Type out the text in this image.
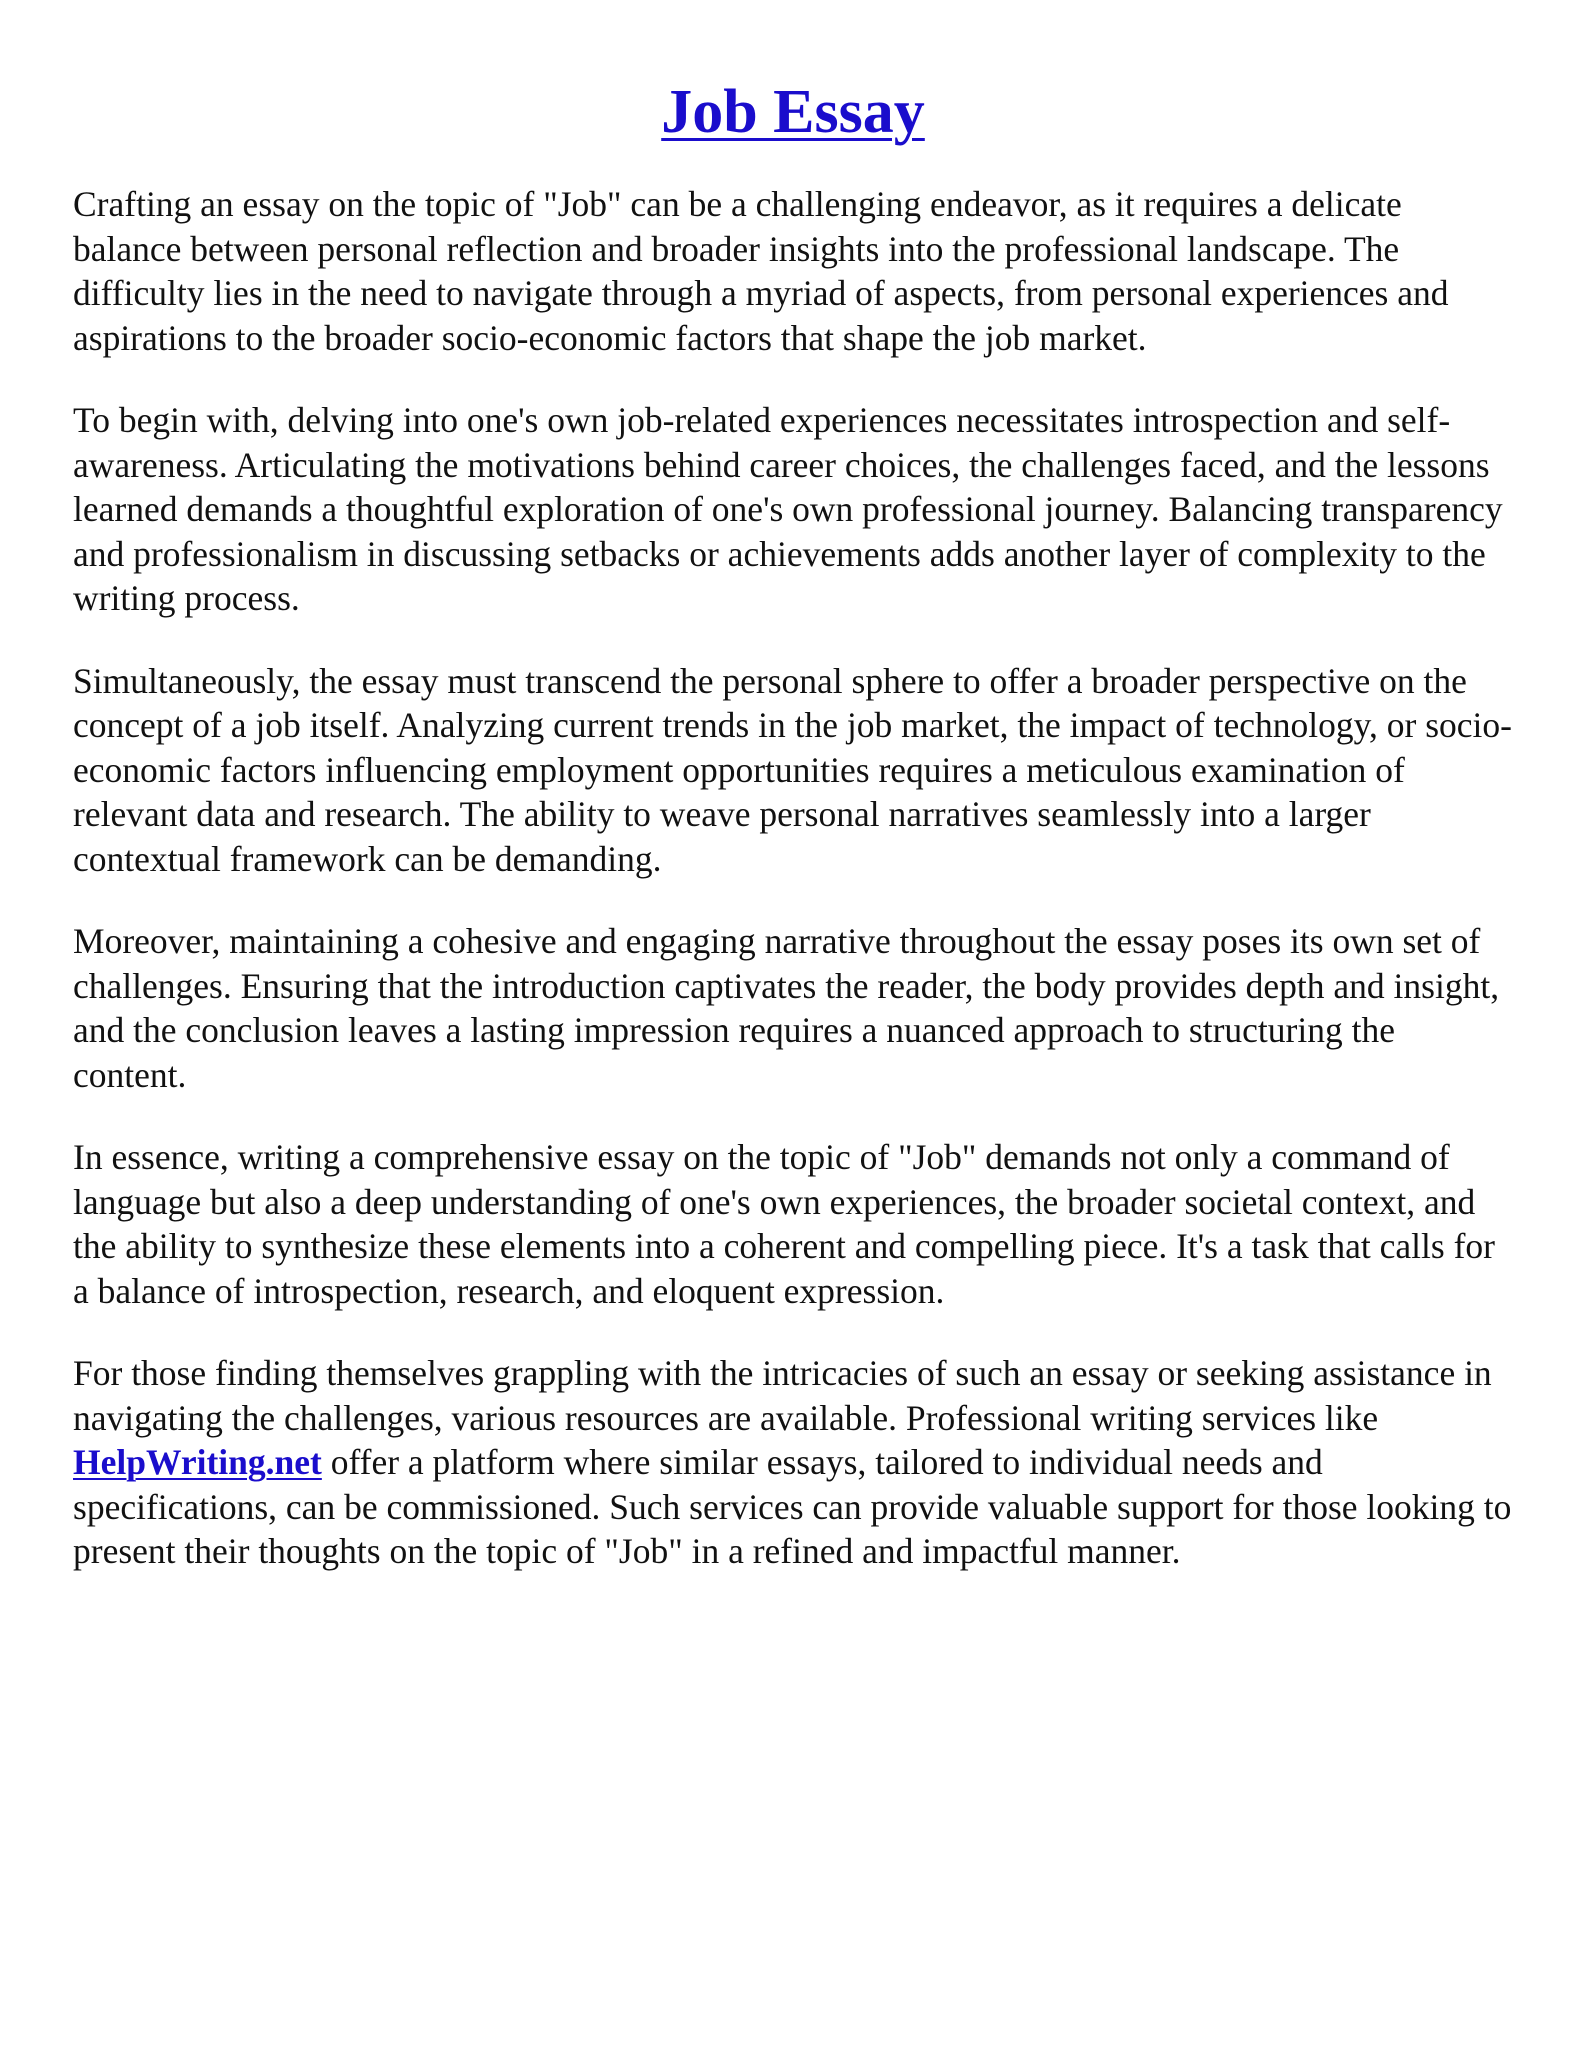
Job Essay

Crafting an essay on the topic of "Job" can be a challenging endeavor, as it requires a delicate balance between personal reflection and broader insights into the professional landscape. The difficulty lies in the need to navigate through a myriad of aspects, from personal experiences and aspirations to the broader socio-economic factors that shape the job market.

To begin with, delving into one's own job-related experiences necessitates introspection and self-awareness. Articulating the motivations behind career choices, the challenges faced, and the lessons learned demands a thoughtful exploration of one's own professional journey. Balancing transparency and professionalism in discussing setbacks or achievements adds another layer of complexity to the writing process.

Simultaneously, the essay must transcend the personal sphere to offer a broader perspective on the concept of a job itself. Analyzing current trends in the job market, the impact of technology, or socio-economic factors influencing employment opportunities requires a meticulous examination of relevant data and research. The ability to weave personal narratives seamlessly into a larger contextual framework can be demanding.

Moreover, maintaining a cohesive and engaging narrative throughout the essay poses its own set of challenges. Ensuring that the introduction captivates the reader, the body provides depth and insight, and the conclusion leaves a lasting impression requires a nuanced approach to structuring the content.

In essence, writing a comprehensive essay on the topic of "Job" demands not only a command of language but also a deep understanding of one's own experiences, the broader societal context, and the ability to synthesize these elements into a coherent and compelling piece. It's a task that calls for a balance of introspection, research, and eloquent expression.

For those finding themselves grappling with the intricacies of such an essay or seeking assistance in navigating the challenges, various resources are available. Professional writing services like HelpWriting.net offer a platform where similar essays, tailored to individual needs and specifications, can be commissioned. Such services can provide valuable support for those looking to present their thoughts on the topic of "Job" in a refined and impactful manner.
